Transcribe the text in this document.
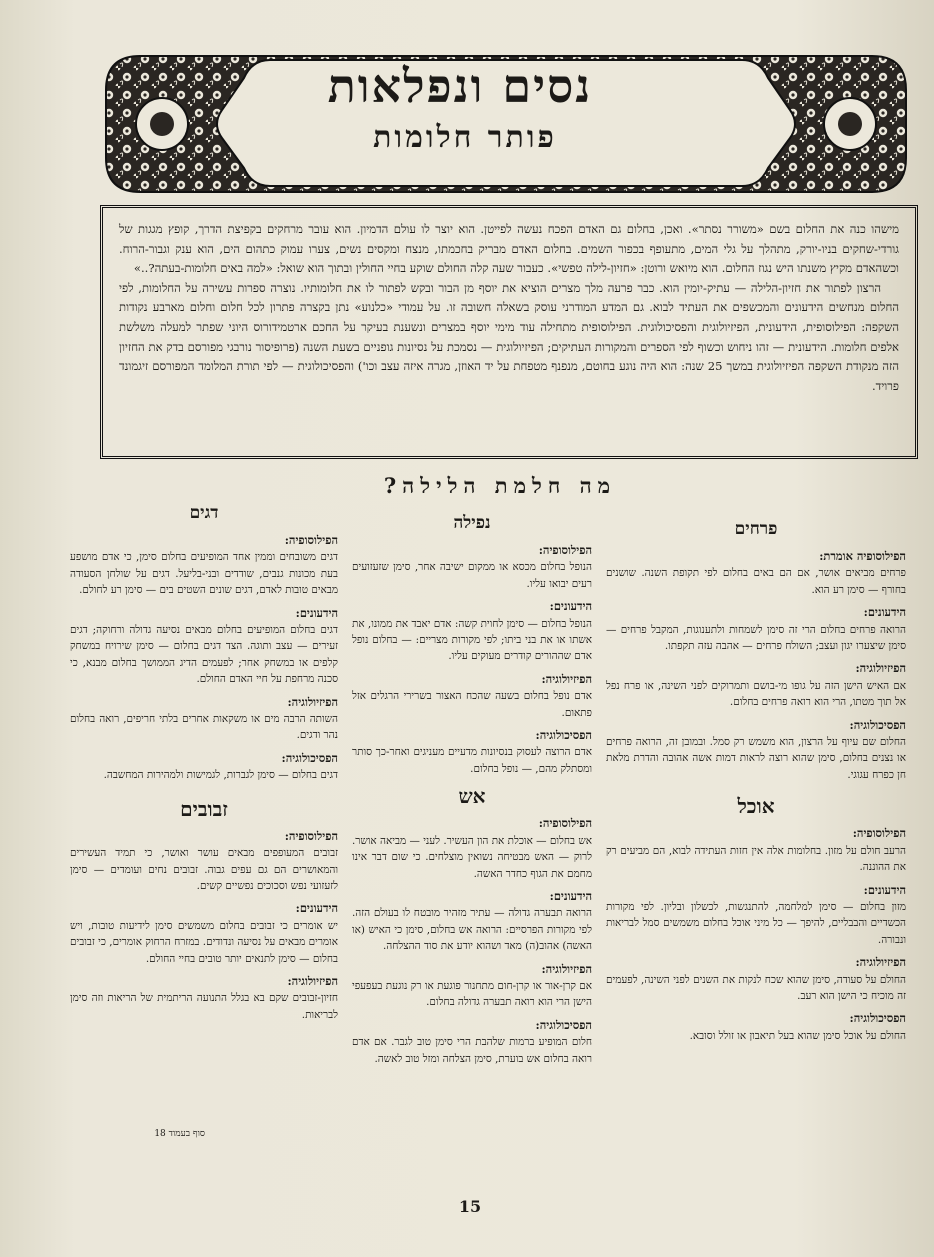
נסים ונפלאות
פותר חלומות

מישהו כנה את החלום בשם «משורר נסתר». ואכן, בחלום גם האדם הפכח נעשה לפייטן. הוא יוצר לו עולם הדמיון. הוא עובר מרחקים בקפיצת הדרך, קופץ מגגות של גורדי-שחקים בניו-יורק, מתהלך על גלי המים, מתעופף בכפור השמים. בחלום האדם מבריק בחכמתו, מנצח ומקסים נשים, צערו עמוק כתהום הים, הוא ענק וגבור-הרוח. וכשהאדם מקיץ משנתו היש נגוז החלום. הוא מיואש ורוטן: «חזיון-לילה טפשי». כעבור שעה קלה החולם שוקע בחיי החולין ובתוך הוא שואל: «למה באים חלומות-בעתה?..»

הרצון לפתור את חזיון-הלילה — עתיק-יומין הוא. כבר פרעה מלך מצרים הוציא את יוסף מן הבור ובקש לפתור לו את חלומותיו. נוצרה ספרות עשירה על החלומות, לפי החלום מנחשים הידעונים והמכשפים את העתיד לבוא. גם המדע המודרני עוסק בשאלה חשובה זו. על עמודי «כלנוע» נתן בקצרה פתרון לכל חלום וחלום מארבע נקודות השקפה: הפילוסופית, הידעונית, הפיזיולוגית והפסיכולוגית. הפילוסופית מתחילה עוד מימי יוסף במצרים ונשענת בעיקר על החכם ארטמידורוס היוני שפתר למעלה משלשת אלפים חלומות. הידעונית — זהו ניחוש וכשוף לפי הספרים והמקורות העתיקים; הפיזיולוגית — נסמכת על נסיונות גופניים בשעת השנה (פרופיסור נורבגי מפורסם בדק את החזיון הזה מנקודת השקפה הפיזיולוגית במשך 25 שנה: הוא היה נוגע בחוטם, מנפנף מטפחת על יד האוזן, מגרה איזה עצב וכו') והפסיכולוגית — לפי תורת המלומד המפורסם זיגמונד פרויד.

מה חלמת הלילה?
פרחים
הפילוסופיה אומרת:

פרחים מביאים אושר, אם הם באים בחלום לפי תקופת השנה. שושנים בחורף — סימן רע הוא.

הידעונים:

הרואה פרחים בחלום הרי זה סימן לשמחות ולתענוגות, המקבל פרחים — סימן שיצערו יגון ועצב; השולח פרחים — אהבה עזה תקפתו.

הפיזיולוגיה:

אם האיש הישן הזה על גופו מי-בושם ותמרוקים לפני השינה, או פרח נפל אל תוך מטתו, הרי הוא רואה פרחים בחלום.

הפסיכולוגיה:

החלום שם עיוף על הרצון, הוא משמש רק סמל. ובמובן זה, הרואה פרחים או נצנים בחלום, סימן שהוא רוצה לראות דמות אשה אהובה והדרת מלאת חן כפרח עגוגי.

אוכל
הפילוסופיה:

הרעב חולם על מזון. בחלומות אלה אין חזות העתידה לבוא, הם מביעים רק את ההוננה.

הידעונים:

מזון בחלום — סימן למלחמה, להתנגשות, לכשלון ובליון. לפי מקורות הכשדיים והבבליים, להיפך — כל מיני אוכל בחלום משמשים סמל לבריאות ונבורה.

הפיזיולוגיה:

החולם על סעודה, סימן שהוא שכח לנקות את השנים לפני השינה, לפעמים זה מוכיח כי הישן הוא רעב.

הפסיכולוגיה:

החולם על אוכל סימן שהוא בעל תיאבון או זולל וסובא.

נפילה
הפילוסופיה:

הנופל בחלום מכסא או ממקום ישיבה אחר, סימן שזעזועים רעים יבואו עליו.

הידעונים:

הנופל בחלום — סימן לחוית קשה: אדם יאבד את ממונו, את אשתו או את בני ביתו; לפי מקורות מצריים: — בחלום נופל אדם שההורים קודרים מעוקים עליו.

הפיזיולוגיה:

אדם נופל בחלום בשעה שהכח האצור בשרירי הרגלים אזל פתאום.

הפסיכולוגיה:

אדם הרוצה לעסוק בנסיונות מדעיים מעניגים ואחר-כך סותר ומסתלק מהם, — נופל בחלום.

אש
הפילוסופיה:

אש בחלום — אוכלת את הון העשיר. לעני — מביאה אושר. לרוק — האש מבטיחה נשואין מוצלחים. כי שום דבר אינו מחמם את הגוף כחדר האשה.

הידעונים:

הרואה תבערה גדולה — עתיר מזהיר מובטח לו בעולם הזה. לפי מקורות הפרסיים: הרואה אש בחלום, סימן כי האיש (או האשה) אהוב(ה) מאד ושהוא יודע את סוד ההצלחה.

הפיזיולוגיה:

אם קרן-אור או קרן-חום מתחנור פוגעת או רק נוגעת בעפעפי הישן הרי הוא רואה תבערה גדולה בחלום.

הפסיכולוגיה:

חלום המופיע ברמות שלהבת הרי סימן טוב לגבר. אם אדם רואה בחלום אש בוערת, סימן הצלחה ומזל טוב לאשה.

דגים
הפילוסופיה:

דגים משובחים וממין אחד המופיעים בחלום סימן, כי אדם מושפע בעת מכונות גנבים, שודדים ובני-בליעל. דגים על שולחן הסעודה מבאים טובות לאדם, דגים שונים השטים בים — סימן רע לחולם.

הידעונים:

דגים בחלום המופיעים בחלום מבאים נסיעה גדולה ורחוקה; דגים זעירים — עצב ותוגה. הצד דגים בחלום — סימן שירויח במשחק קלפים או במשחק אחר; לפעמים הדיג הממושך בחלום מבנא, כי סכנה מרחפת על חיי האדם החולם.

הפיזיולוגיה:

השותה הרבה מים או משקאות אחרים בלתי חריפים, רואה בחלום נהר ודגים.

הפסיכולוגיה:

דגים בחלום — סימן לגברות, לגמישות ולמהירות המחשבה.

זבובים
הפילוסופיה:

זבובים המעופפים מבאים עושר ואושר, כי תמיד העשירים והמאושרים הם גם עפים גבוה. זבובים נחים ועומדים — סימן לזעזועי נפש וסכוכים נפשיים קשים.

הידעונים:

יש אומרים כי זבובים בחלום משמשים סימן לידיעות טובות, ויש אומרים מבאים על נסיעה ונדודים. במזרח הרחוק אומרים, כי זבובים בחלום — סימן לתנאים יותר טובים בחיי החולם.

הפיזיולוגיה:

חזיון-זבובים שקם בא בגלל התנועה הריתמית של הריאות וזה סימן לבריאות.

סוף בעמוד 18
15
